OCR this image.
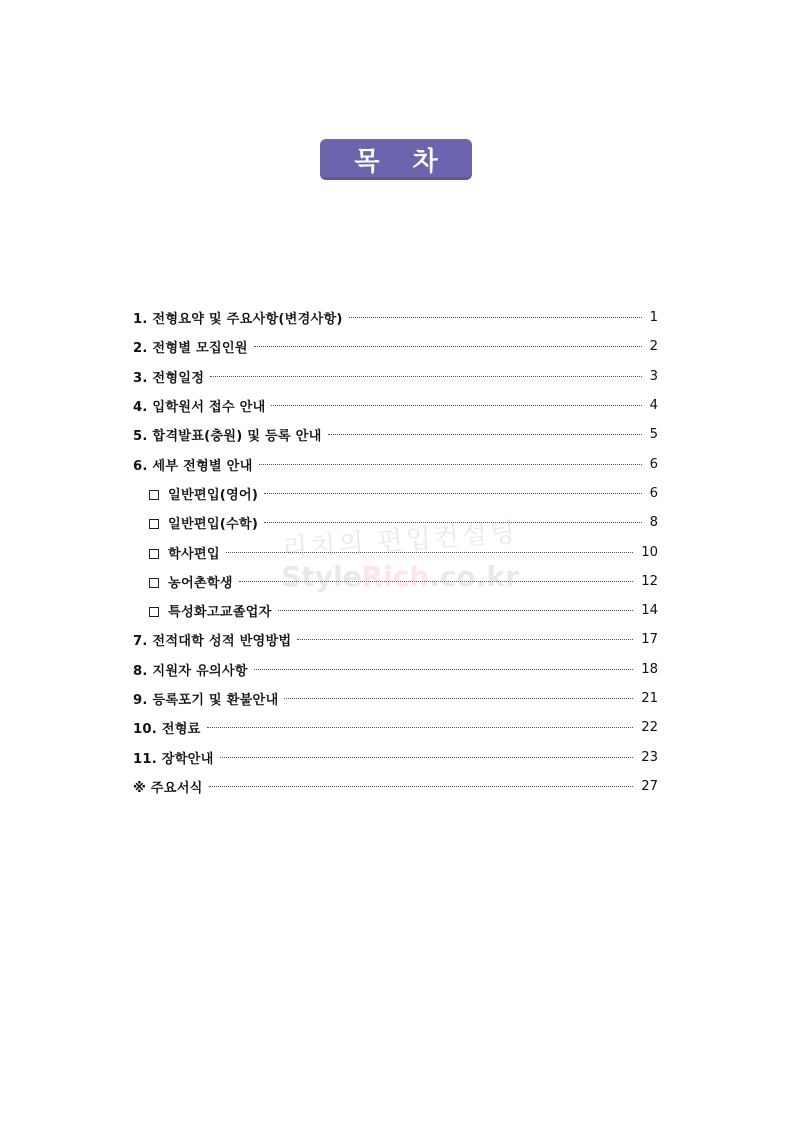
목 차
1. 전형요약 및 주요사항(변경사항)	1
2. 전형별 모집인원	2
3. 전형일정	3
4. 입학원서 접수 안내	4
5. 합격발표(충원) 및 등록 안내	5
6. 세부 전형별 안내	6
일반편입(영어)	6
일반편입(수학)	8
학사편입	10
농어촌학생	12
특성화고교졸업자	14
7. 전적대학 성적 반영방법	17
8. 지원자 유의사항	18
9. 등록포기 및 환불안내	21
10. 전형료	22
11. 장학안내	23
※ 주요서식	27
리치의 편입컨설팅
StyleRich.co.kr
